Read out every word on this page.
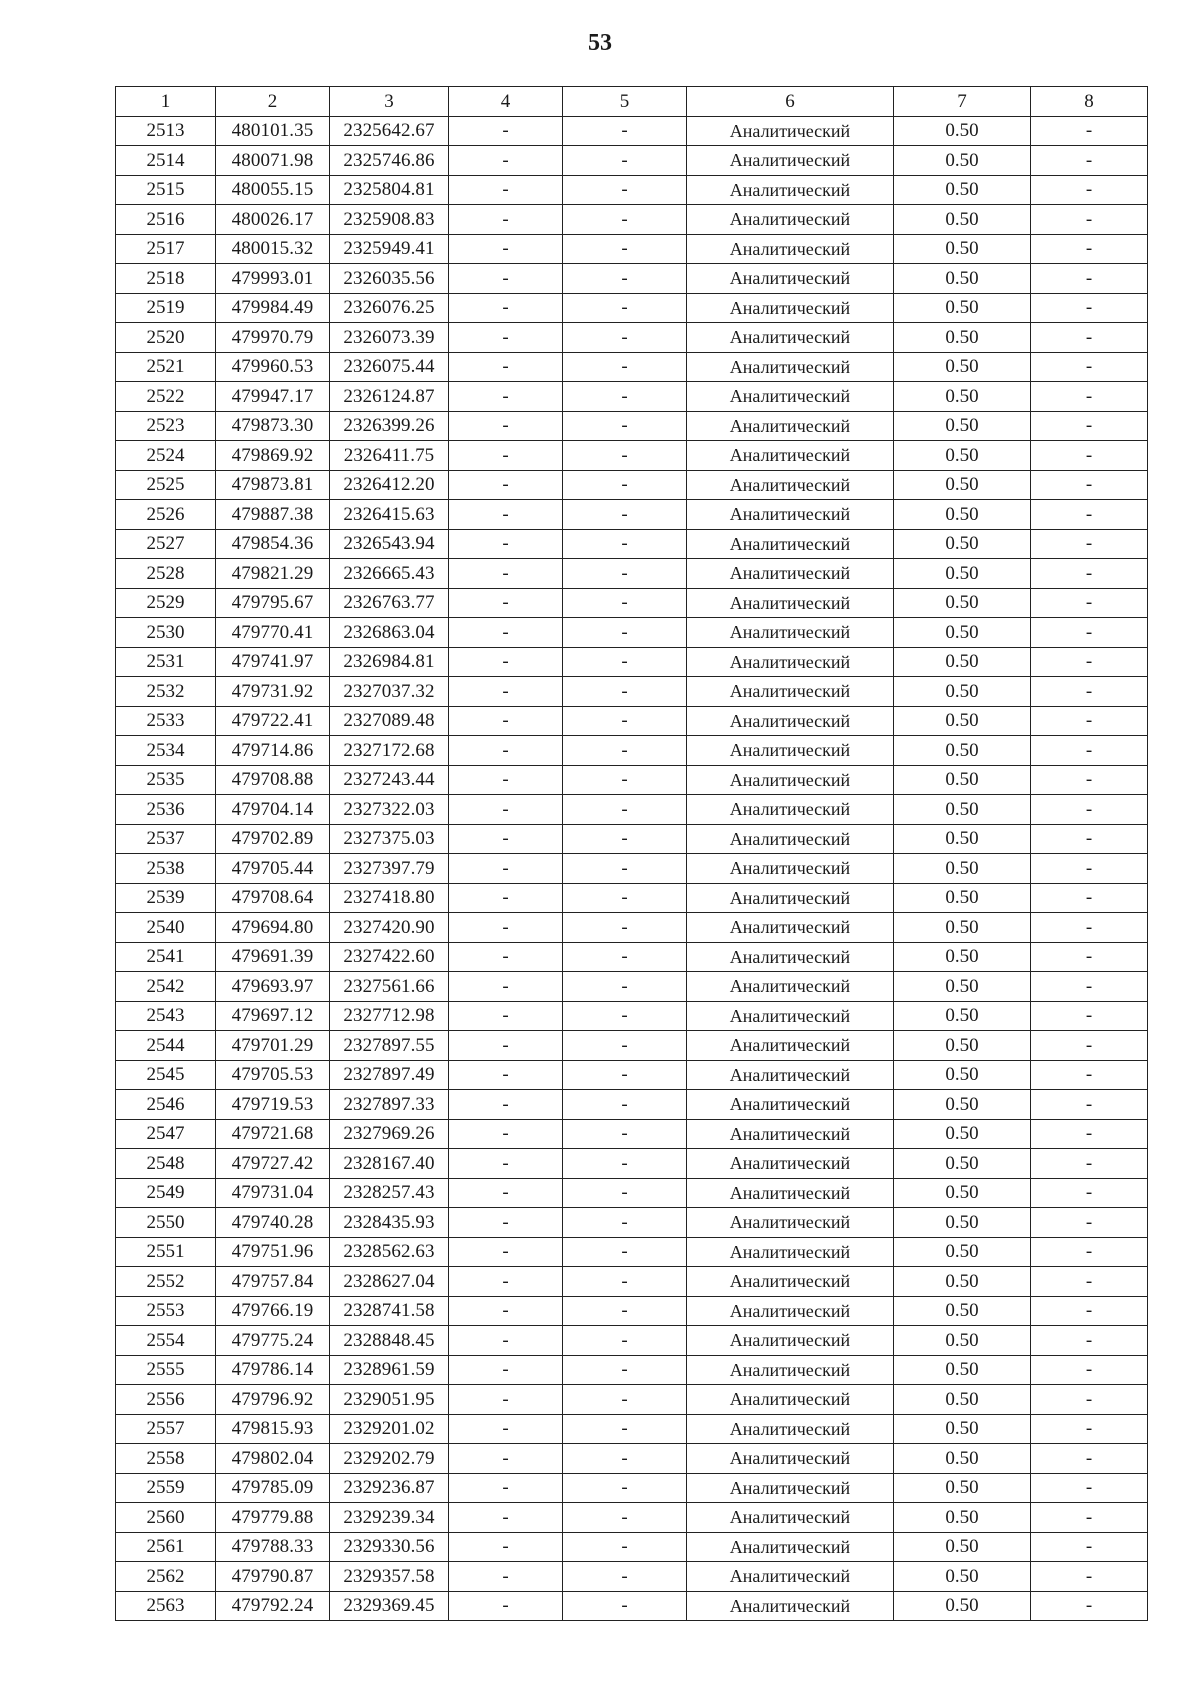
53
1	2	3	4	5	6	7	8
2513	480101.35	2325642.67	-	-	Аналитический	0.50	-
2514	480071.98	2325746.86	-	-	Аналитический	0.50	-
2515	480055.15	2325804.81	-	-	Аналитический	0.50	-
2516	480026.17	2325908.83	-	-	Аналитический	0.50	-
2517	480015.32	2325949.41	-	-	Аналитический	0.50	-
2518	479993.01	2326035.56	-	-	Аналитический	0.50	-
2519	479984.49	2326076.25	-	-	Аналитический	0.50	-
2520	479970.79	2326073.39	-	-	Аналитический	0.50	-
2521	479960.53	2326075.44	-	-	Аналитический	0.50	-
2522	479947.17	2326124.87	-	-	Аналитический	0.50	-
2523	479873.30	2326399.26	-	-	Аналитический	0.50	-
2524	479869.92	2326411.75	-	-	Аналитический	0.50	-
2525	479873.81	2326412.20	-	-	Аналитический	0.50	-
2526	479887.38	2326415.63	-	-	Аналитический	0.50	-
2527	479854.36	2326543.94	-	-	Аналитический	0.50	-
2528	479821.29	2326665.43	-	-	Аналитический	0.50	-
2529	479795.67	2326763.77	-	-	Аналитический	0.50	-
2530	479770.41	2326863.04	-	-	Аналитический	0.50	-
2531	479741.97	2326984.81	-	-	Аналитический	0.50	-
2532	479731.92	2327037.32	-	-	Аналитический	0.50	-
2533	479722.41	2327089.48	-	-	Аналитический	0.50	-
2534	479714.86	2327172.68	-	-	Аналитический	0.50	-
2535	479708.88	2327243.44	-	-	Аналитический	0.50	-
2536	479704.14	2327322.03	-	-	Аналитический	0.50	-
2537	479702.89	2327375.03	-	-	Аналитический	0.50	-
2538	479705.44	2327397.79	-	-	Аналитический	0.50	-
2539	479708.64	2327418.80	-	-	Аналитический	0.50	-
2540	479694.80	2327420.90	-	-	Аналитический	0.50	-
2541	479691.39	2327422.60	-	-	Аналитический	0.50	-
2542	479693.97	2327561.66	-	-	Аналитический	0.50	-
2543	479697.12	2327712.98	-	-	Аналитический	0.50	-
2544	479701.29	2327897.55	-	-	Аналитический	0.50	-
2545	479705.53	2327897.49	-	-	Аналитический	0.50	-
2546	479719.53	2327897.33	-	-	Аналитический	0.50	-
2547	479721.68	2327969.26	-	-	Аналитический	0.50	-
2548	479727.42	2328167.40	-	-	Аналитический	0.50	-
2549	479731.04	2328257.43	-	-	Аналитический	0.50	-
2550	479740.28	2328435.93	-	-	Аналитический	0.50	-
2551	479751.96	2328562.63	-	-	Аналитический	0.50	-
2552	479757.84	2328627.04	-	-	Аналитический	0.50	-
2553	479766.19	2328741.58	-	-	Аналитический	0.50	-
2554	479775.24	2328848.45	-	-	Аналитический	0.50	-
2555	479786.14	2328961.59	-	-	Аналитический	0.50	-
2556	479796.92	2329051.95	-	-	Аналитический	0.50	-
2557	479815.93	2329201.02	-	-	Аналитический	0.50	-
2558	479802.04	2329202.79	-	-	Аналитический	0.50	-
2559	479785.09	2329236.87	-	-	Аналитический	0.50	-
2560	479779.88	2329239.34	-	-	Аналитический	0.50	-
2561	479788.33	2329330.56	-	-	Аналитический	0.50	-
2562	479790.87	2329357.58	-	-	Аналитический	0.50	-
2563	479792.24	2329369.45	-	-	Аналитический	0.50	-
